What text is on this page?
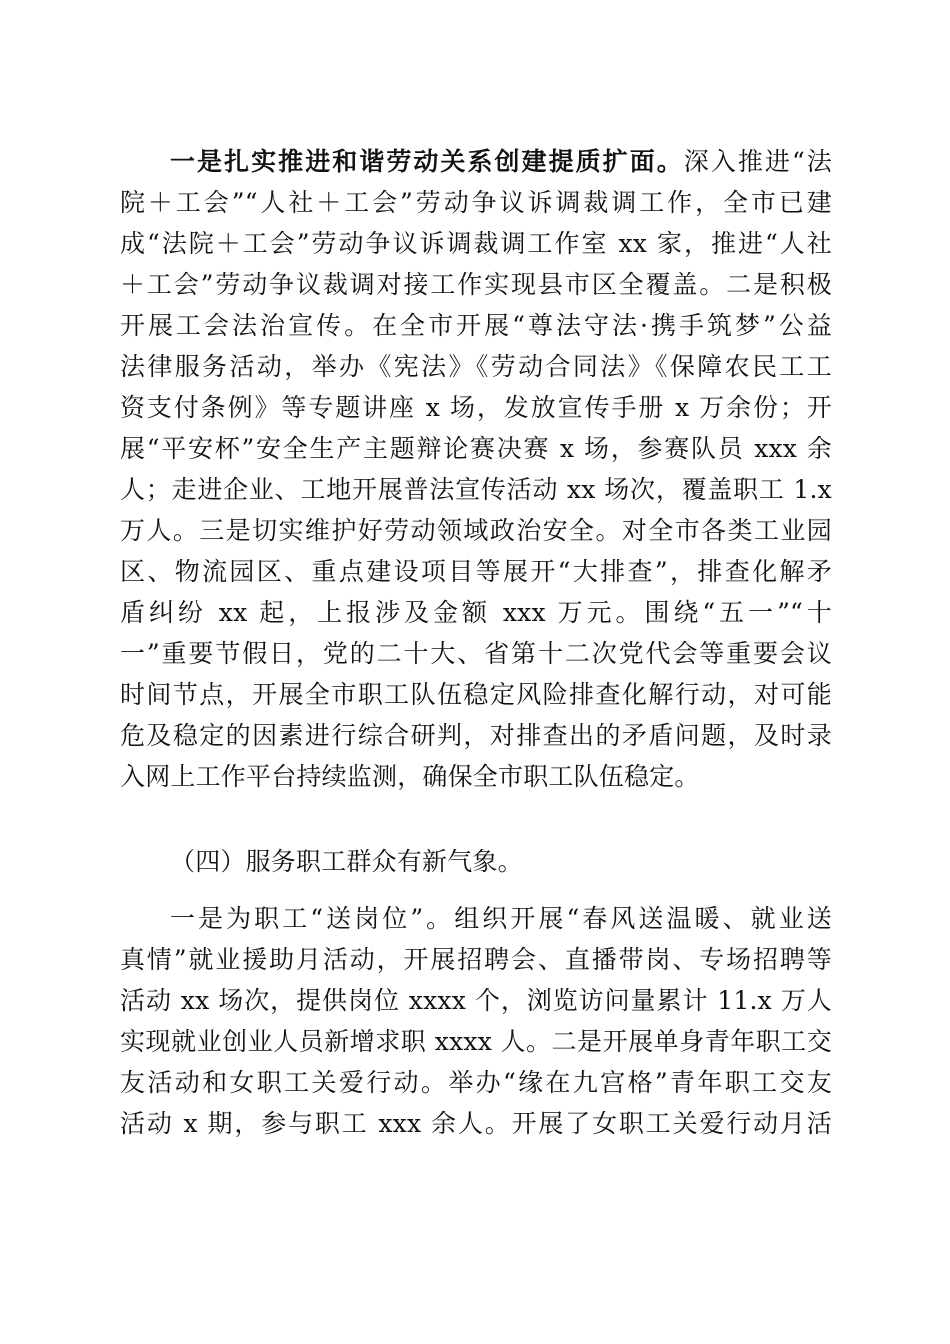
一是扎实推进和谐劳动关系创建提质扩面。深入推进“法
院＋工会”“人社＋工会”劳动争议诉调裁调工作，全市已建
成“法院＋工会”劳动争议诉调裁调工作室 xx 家，推进“人社
＋工会”劳动争议裁调对接工作实现县市区全覆盖。二是积极
开展工会法治宣传。在全市开展“尊法守法·携手筑梦”公益
法律服务活动，举办《宪法》《劳动合同法》《保障农民工工
资支付条例》等专题讲座 x 场，发放宣传手册 x 万余份；开
展“平安杯”安全生产主题辩论赛决赛 x 场，参赛队员 xxx 余
人；走进企业、工地开展普法宣传活动 xx 场次，覆盖职工 1.x
万人。三是切实维护好劳动领域政治安全。对全市各类工业园
区、物流园区、重点建设项目等展开“大排查”，排查化解矛
盾纠纷 xx 起，上报涉及金额 xxx 万元。围绕“五一”“十
一”重要节假日，党的二十大、省第十二次党代会等重要会议
时间节点，开展全市职工队伍稳定风险排查化解行动，对可能
危及稳定的因素进行综合研判，对排查出的矛盾问题，及时录
入网上工作平台持续监测，确保全市职工队伍稳定。
（四）服务职工群众有新气象。
一是为职工“送岗位”。组织开展“春风送温暖、就业送
真情”就业援助月活动，开展招聘会、直播带岗、专场招聘等
活动 xx 场次，提供岗位 xxxx 个，浏览访问量累计 11.x 万人
实现就业创业人员新增求职 xxxx 人。二是开展单身青年职工交
友活动和女职工关爱行动。举办“缘在九宫格”青年职工交友
活动 x 期，参与职工 xxx 余人。开展了女职工关爱行动月活
